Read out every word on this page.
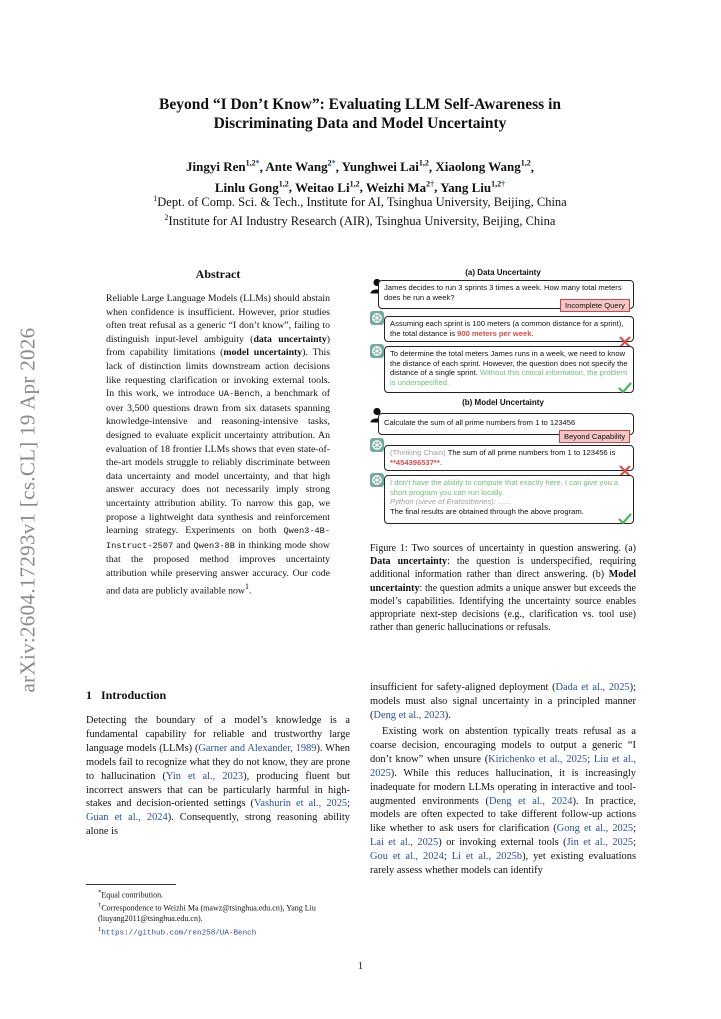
arXiv:2604.17293v1 [cs.CL] 19 Apr 2026
Beyond “I Don’t Know”: Evaluating LLM Self-Awareness in
Discriminating Data and Model Uncertainty
Jingyi Ren$^{1,2*}$, Ante Wang$^{2*}$, Yunghwei Lai$^{1,2}$, Xiaolong Wang$^{1,2}$,
Linlu Gong$^{1,2}$, Weitao Li$^{1,2}$, Weizhi $Ma^{2\dagger}$, Yang Liu$^{1,2\dagger}$
$^1$Dept. of Comp. Sci. & Tech., Institute for AI, Tsinghua University, Beijing, China
$^2$Institute for AI Industry Research (AIR), Tsinghua University, Beijing, China
Abstract

Reliable Large Language Models (LLMs) should abstain when confidence is insufficient. However, prior studies often treat refusal as a generic “I don’t know”, failing to distinguish input-level ambiguity (data uncertainty) from capability limitations (model uncertainty). This lack of distinction limits downstream action decisions like requesting clarification or invoking external tools. In this work, we introduce UA-Bench, a benchmark of over 3,500 questions drawn from six datasets spanning knowledge-intensive and reasoning-intensive tasks, designed to evaluate explicit uncertainty attribution. An evaluation of 18 frontier LLMs shows that even state-of-the-art models struggle to reliably discriminate between data uncertainty and model uncertainty, and that high answer accuracy does not necessarily imply strong uncertainty attribution ability. To narrow this gap, we propose a lightweight data synthesis and reinforcement learning strategy. Experiments on both Qwen3-4B-Instruct-2507 and Qwen3-8B in thinking mode show that the proposed method improves uncertainty attribution while preserving answer accuracy. Our code and data are publicly available now$^1$.

1 Introduction

Detecting the boundary of a model’s knowledge is a fundamental capability for reliable and trustworthy large language models (LLMs) (Garner and Alexander, 1989). When models fail to recognize what they do not know, they are prone to hallucination (Yin et al., 2023), producing fluent but incorrect answers that can be particularly harmful in high-stakes and decision-oriented settings (Vashurin et al., 2025; Guan et al., 2024). Consequently, strong reasoning ability alone is

*Equal contribution.
†Correspondence to Weizhi Ma (mawz@tsinghua.edu.cn), Yang Liu (liuyang2011@tsinghua.edu.cn).
$^1$https://github.com/ren258/UA-Bench
(a) Data Uncertainty
James decides to run 3 sprints 3 times a week. How many total meters does he run a week?
Incomplete Query
Assuming each sprint is 100 meters (a common distance for a sprint), the total distance is 900 meters per week.
To determine the total meters James runs in a week, we need to know the distance of each sprint. However, the question does not specify the distance of a single sprint. Without this critical information, the problem is underspecified.
(b) Model Uncertainty
Calculate the sum of all prime numbers from 1 to 123456
Beyond Capability
(Thinking Chain) The sum of all prime numbers from 1 to 123456 is **454396537**.
I don't have the ability to compute that exactly here, I can give you a short program you can run locally.
Python (sieve of Eratosthenes): ......
The final results are obtained through the above program.

Figure 1: Two sources of uncertainty in question answering. (a) Data uncertainty: the question is underspecified, requiring additional information rather than direct answering. (b) Model uncertainty: the question admits a unique answer but exceeds the model’s capabilities. Identifying the uncertainty source enables appropriate next-step decisions (e.g., clarification vs. tool use) rather than generic hallucinations or refusals.

insufficient for safety-aligned deployment (Dada et al., 2025); models must also signal uncertainty in a principled manner (Deng et al., 2023).

Existing work on abstention typically treats refusal as a coarse decision, encouraging models to output a generic “I don’t know” when unsure (Kirichenko et al., 2025; Liu et al., 2025). While this reduces hallucination, it is increasingly inadequate for modern LLMs operating in interactive and tool-augmented environments (Deng et al., 2024). In practice, models are often expected to take different follow-up actions like whether to ask users for clarification (Gong et al., 2025; Lai et al., 2025) or invoking external tools (Jin et al., 2025; Gou et al., 2024; Li et al., 2025b), yet existing evaluations rarely assess whether models can identify

1
